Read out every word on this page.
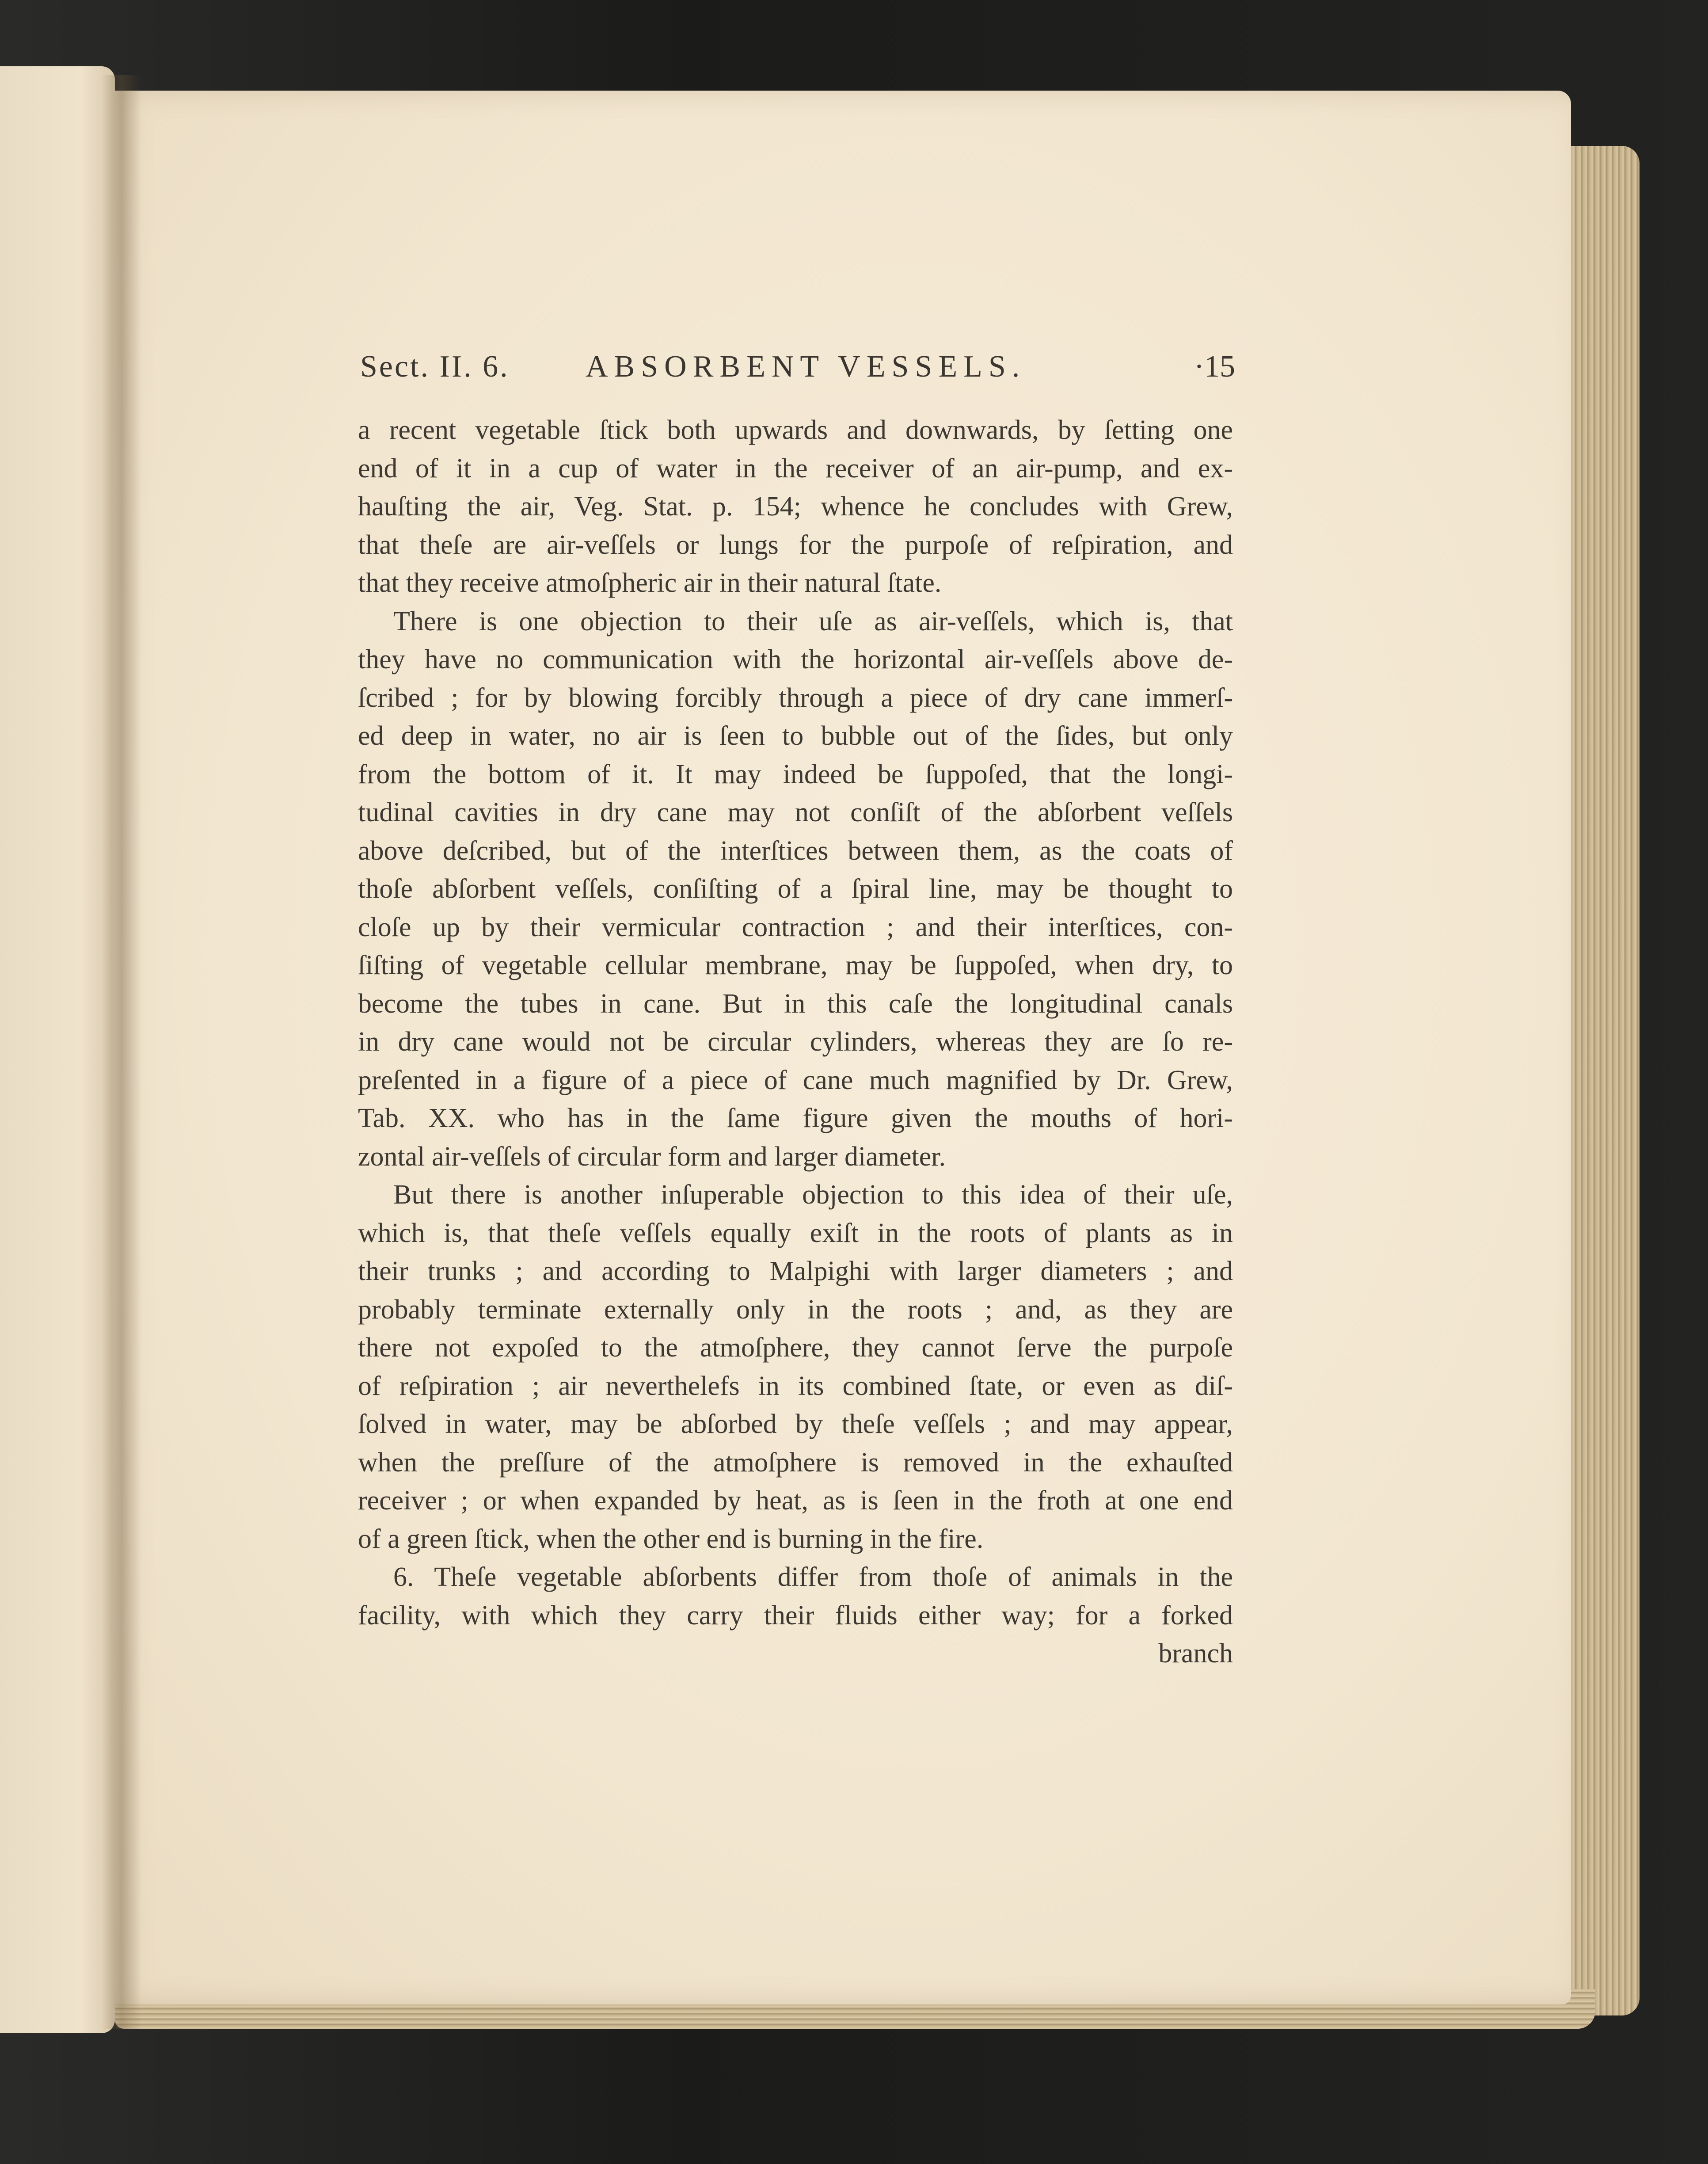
Sect. II. 6. ABSORBENT VESSELS.	·15
a recent vegetable ſtick both upwards and downwards, by ſetting one
end of it in a cup of water in the receiver of an air-pump, and ex-
hauſting the air, Veg. Stat. p. 154; whence he concludes with Grew,
that theſe are air-veſſels or lungs for the purpoſe of reſpiration, and
that they receive atmoſpheric air in their natural ſtate.
There is one objection to their uſe as air-veſſels, which is, that
they have no communication with the horizontal air-veſſels above de-
ſcribed ; for by blowing forcibly through a piece of dry cane immerſ-
ed deep in water, no air is ſeen to bubble out of the ſides, but only
from the bottom of it. It may indeed be ſuppoſed, that the longi-
tudinal cavities in dry cane may not conſiſt of the abſorbent veſſels
above deſcribed, but of the interſtices between them, as the coats of
thoſe abſorbent veſſels, conſiſting of a ſpiral line, may be thought to
cloſe up by their vermicular contraction ; and their interſtices, con-
ſiſting of vegetable cellular membrane, may be ſuppoſed, when dry, to
become the tubes in cane. But in this caſe the longitudinal canals
in dry cane would not be circular cylinders, whereas they are ſo re-
preſented in a figure of a piece of cane much magnified by Dr. Grew,
Tab. XX. who has in the ſame figure given the mouths of hori-
zontal air-veſſels of circular form and larger diameter.
But there is another inſuperable objection to this idea of their uſe,
which is, that theſe veſſels equally exiſt in the roots of plants as in
their trunks ; and according to Malpighi with larger diameters ; and
probably terminate externally only in the roots ; and, as they are
there not expoſed to the atmoſphere, they cannot ſerve the purpoſe
of reſpiration ; air neverthelefs in its combined ſtate, or even as diſ-
ſolved in water, may be abſorbed by theſe veſſels ; and may appear,
when the preſſure of the atmoſphere is removed in the exhauſted
receiver ; or when expanded by heat, as is ſeen in the froth at one end
of a green ſtick, when the other end is burning in the fire.
6. Theſe vegetable abſorbents differ from thoſe of animals in the
facility, with which they carry their fluids either way; for a forked
branch
